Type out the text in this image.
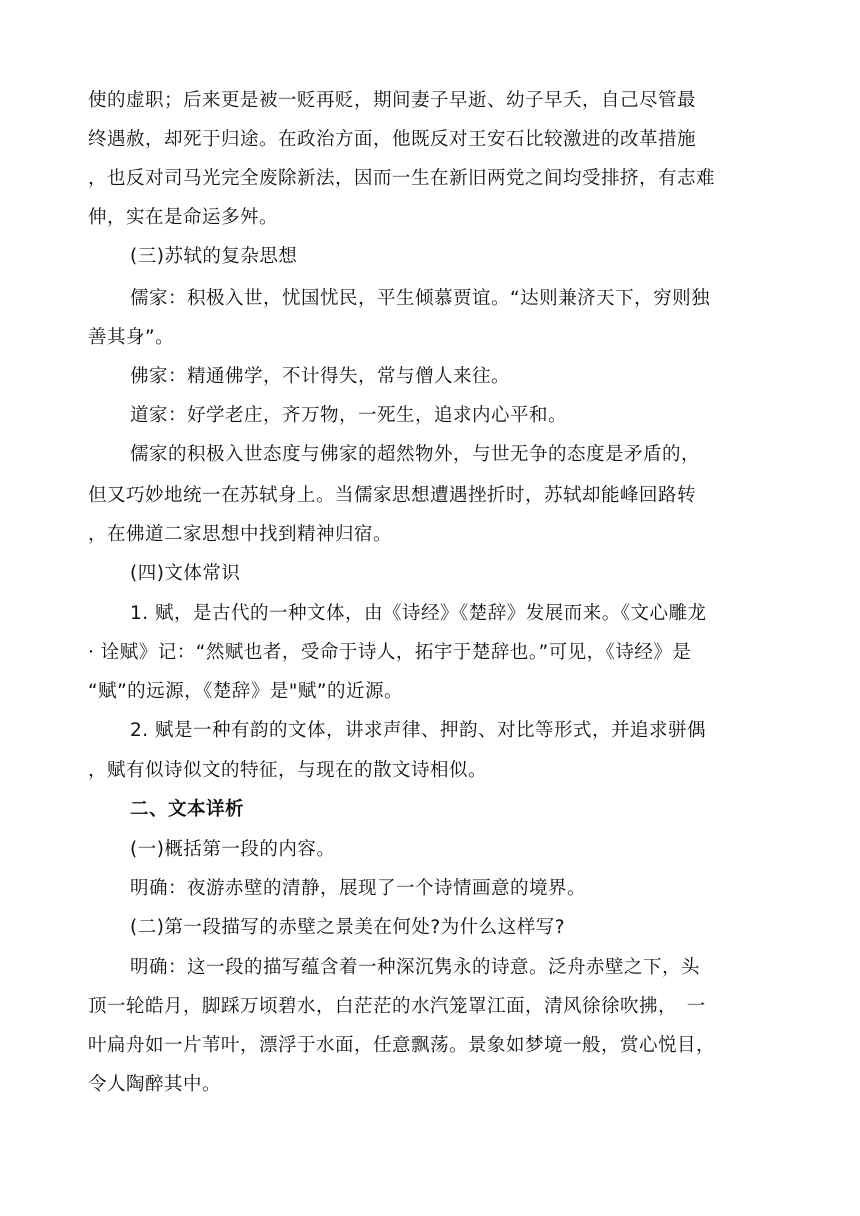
使的虚职；后来更是被一贬再贬，期间妻子早逝、幼子早夭，自己尽管最
终遇赦，却死于归途。在政治方面，他既反对王安石比较激进的改革措施
，也反对司马光完全废除新法，因而一生在新旧两党之间均受排挤，有志难
伸，实在是命运多舛。
(三)苏轼的复杂思想
儒家：积极入世，忧国忧民，平生倾慕贾谊。“达则兼济天下，穷则独
善其身”。
佛家：精通佛学，不计得失，常与僧人来往。
道家：好学老庄，齐万物，一死生，追求内心平和。
儒家的积极入世态度与佛家的超然物外，与世无争的态度是矛盾的，
但又巧妙地统一在苏轼身上。当儒家思想遭遇挫折时，苏轼却能峰回路转
，在佛道二家思想中找到精神归宿。
(四)文体常识
1. 赋，是古代的一种文体，由《诗经》《楚辞》发展而来。《文心雕龙
· 诠赋》记：“然赋也者，受命于诗人，拓宇于楚辞也。”可见，《诗经》是
“赋”的远源，《楚辞》是"赋”的近源。
2. 赋是一种有韵的文体，讲求声律、押韵、对比等形式，并追求骈偶
，赋有似诗似文的特征，与现在的散文诗相似。
二、文本详析
(一)概括第一段的内容。
明确：夜游赤壁的清静，展现了一个诗情画意的境界。
(二)第一段描写的赤壁之景美在何处?为什么这样写?
明确：这一段的描写蕴含着一种深沉隽永的诗意。泛舟赤壁之下，头
顶一轮皓月，脚踩万顷碧水，白茫茫的水汽笼罩江面，清风徐徐吹拂，　一
叶扁舟如一片苇叶，漂浮于水面，任意飘荡。景象如梦境一般，赏心悦目，
令人陶醉其中。
